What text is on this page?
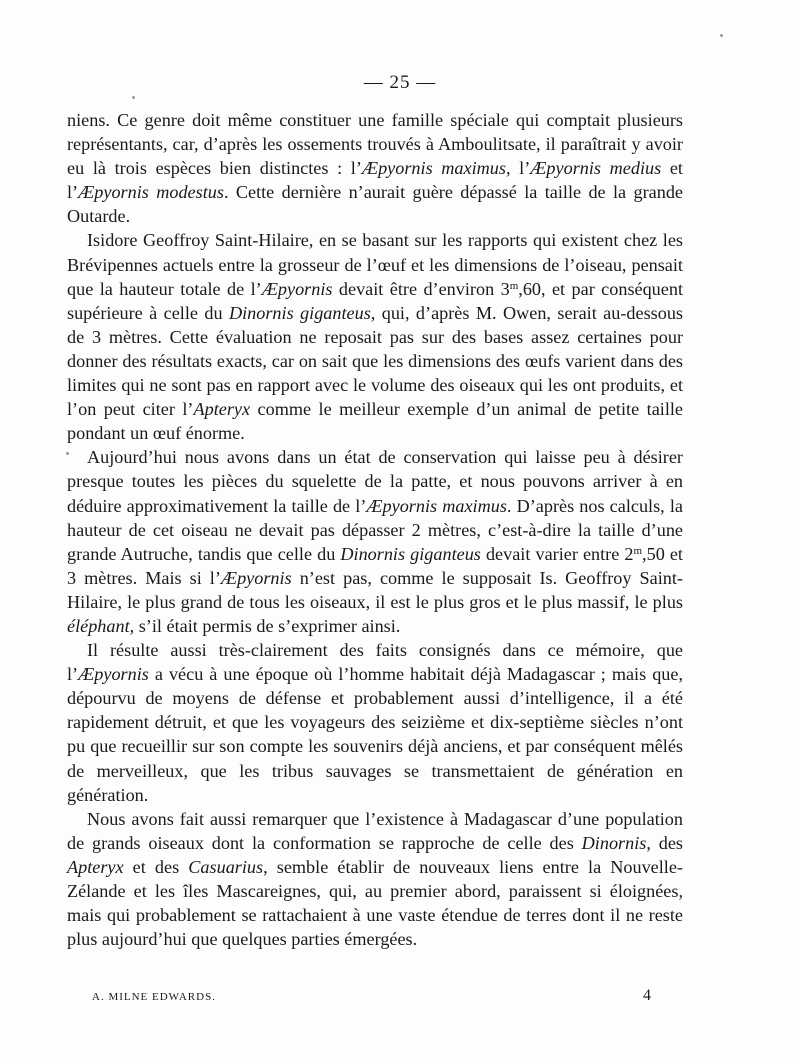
— 25 —

niens. Ce genre doit même constituer une famille spéciale qui comptait plusieurs représentants, car, d’après les ossements trouvés à Amboulitsate, il paraîtrait y avoir eu là trois espèces bien distinctes : l’Æpyornis maximus, l’Æpyornis medius et l’Æpyornis modestus. Cette dernière n’aurait guère dépassé la taille de la grande Outarde.

Isidore Geoffroy Saint-Hilaire, en se basant sur les rapports qui existent chez les Brévipennes actuels entre la grosseur de l’œuf et les dimensions de l’oiseau, pensait que la hauteur totale de l’Æpyornis devait être d’environ 3$^m$,60, et par conséquent supérieure à celle du Dinornis giganteus, qui, d’après M. Owen, serait au-dessous de 3 mètres. Cette évaluation ne reposait pas sur des bases assez certaines pour donner des résultats exacts, car on sait que les dimensions des œufs varient dans des limites qui ne sont pas en rapport avec le volume des oiseaux qui les ont produits, et l’on peut citer l’Apteryx comme le meilleur exemple d’un animal de petite taille pondant un œuf énorme.

Aujourd’hui nous avons dans un état de conservation qui laisse peu à désirer presque toutes les pièces du squelette de la patte, et nous pouvons arriver à en déduire approximativement la taille de l’Æpyornis maximus. D’après nos calculs, la hauteur de cet oiseau ne devait pas dépasser 2 mètres, c’est-à-dire la taille d’une grande Autruche, tandis que celle du Dinornis giganteus devait varier entre 2$^m$,50 et 3 mètres. Mais si l’Æpyornis n’est pas, comme le supposait Is. Geoffroy Saint-Hilaire, le plus grand de tous les oiseaux, il est le plus gros et le plus massif, le plus éléphant, s’il était permis de s’exprimer ainsi.

Il résulte aussi très-clairement des faits consignés dans ce mémoire, que l’Æpyornis a vécu à une époque où l’homme habitait déjà Madagascar ; mais que, dépourvu de moyens de défense et probablement aussi d’intelligence, il a été rapidement détruit, et que les voyageurs des seizième et dix-septième siècles n’ont pu que recueillir sur son compte les souvenirs déjà anciens, et par conséquent mêlés de merveilleux, que les tribus sauvages se transmettaient de génération en génération.

Nous avons fait aussi remarquer que l’existence à Madagascar d’une population de grands oiseaux dont la conformation se rapproche de celle des Dinornis, des Apteryx et des Casuarius, semble établir de nouveaux liens entre la Nouvelle-Zélande et les îles Mascareignes, qui, au premier abord, paraissent si éloignées, mais qui probablement se rattachaient à une vaste étendue de terres dont il ne reste plus aujourd’hui que quelques parties émergées.

A. MILNE EDWARDS.	4
